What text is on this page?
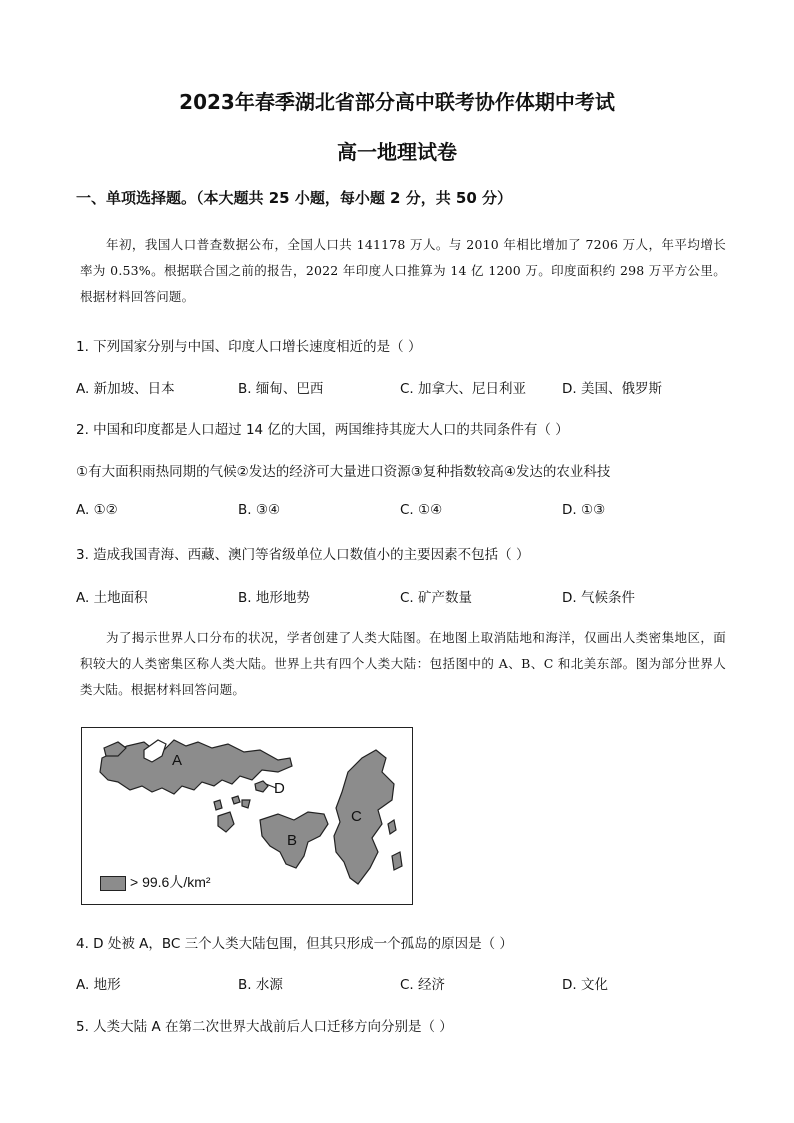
2023年春季湖北省部分高中联考协作体期中考试
高一地理试卷
一、单项选择题。（本大题共 25 小题，每小题 2 分，共 50 分）
年初，我国人口普查数据公布，全国人口共 141178 万人。与 2010 年相比增加了 7206 万人，年平均增长率为 0.53%。根据联合国之前的报告，2022 年印度人口推算为 14 亿 1200 万。印度面积约 298 万平方公里。根据材料回答问题。
1. 下列国家分别与中国、印度人口增长速度相近的是（ ）
A. 新加坡、日本	B. 缅甸、巴西	C. 加拿大、尼日利亚	D. 美国、俄罗斯
2. 中国和印度都是人口超过 14 亿的大国，两国维持其庞大人口的共同条件有（ ）
①有大面积雨热同期的气候②发达的经济可大量进口资源③复种指数较高④发达的农业科技
A. ①②	B. ③④	C. ①④	D. ①③
3. 造成我国青海、西藏、澳门等省级单位人口数值小的主要因素不包括（ ）
A. 土地面积	B. 地形地势	C. 矿产数量	D. 气候条件
为了揭示世界人口分布的状况，学者创建了人类大陆图。在地图上取消陆地和海洋，仅画出人类密集地区，面积较大的人类密集区称人类大陆。世界上共有四个人类大陆：包括图中的 A、B、C 和北美东部。图为部分世界人类大陆。根据材料回答问题。
A
B
C
D
> 99.6人/km²
4. D 处被 A，BC 三个人类大陆包围，但其只形成一个孤岛的原因是（ ）
A. 地形	B. 水源	C. 经济	D. 文化
5. 人类大陆 A 在第二次世界大战前后人口迁移方向分别是（ ）
